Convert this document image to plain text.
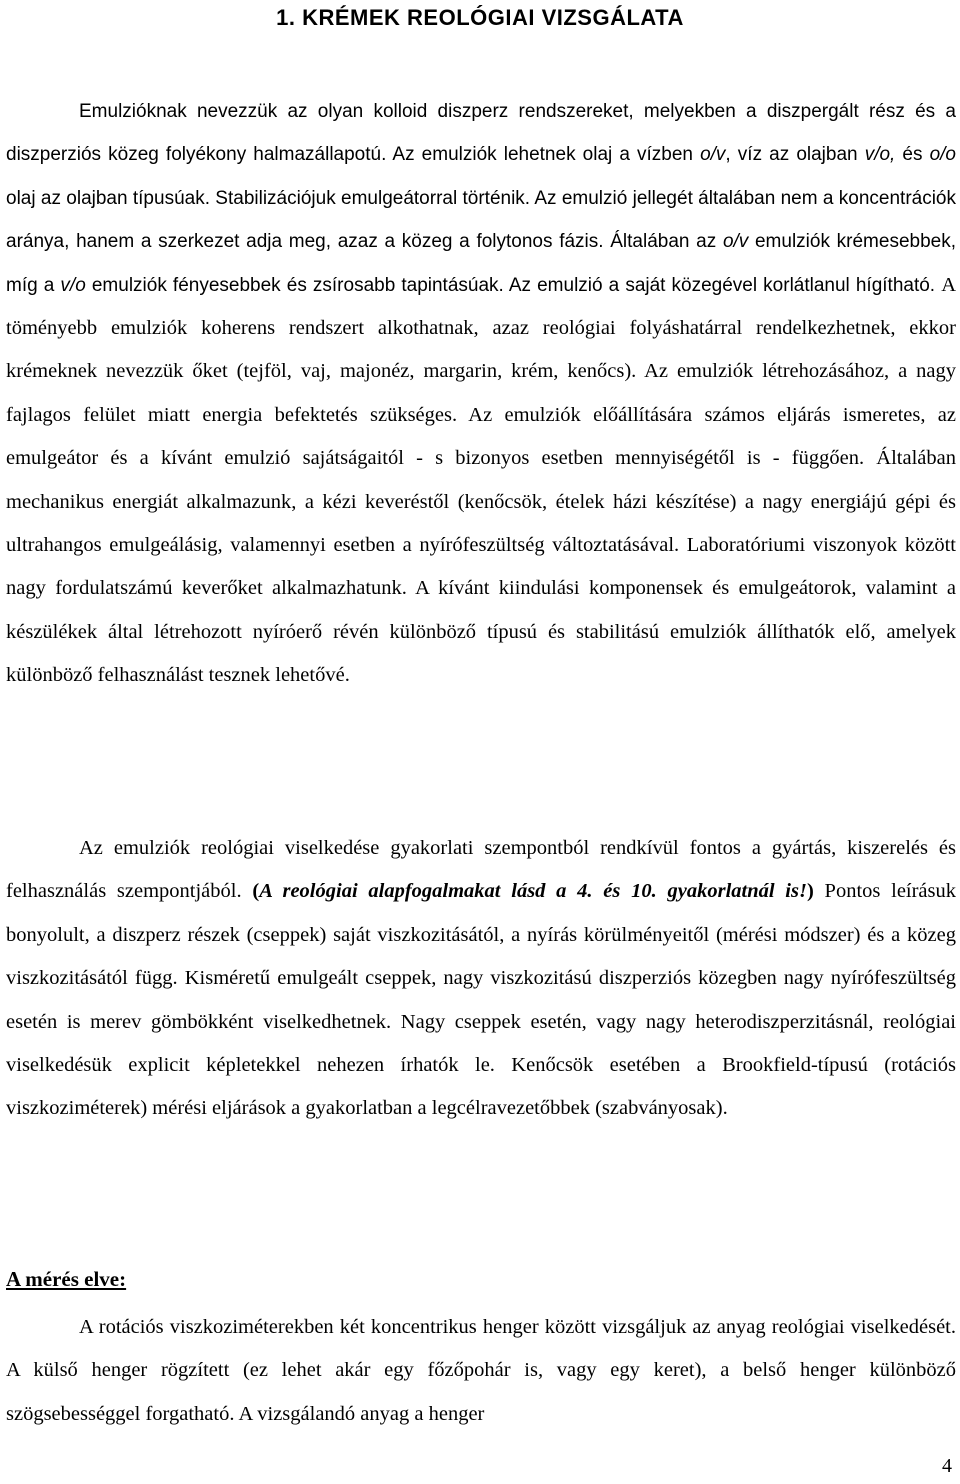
1. KRÉMEK REOLÓGIAI VIZSGÁLATA

Emulzióknak nevezzük az olyan kolloid diszperz rendszereket, melyekben a diszpergált rész és a diszperziós közeg folyékony halmazállapotú. Az emulziók lehetnek olaj a vízben o/v, víz az olajban v/o, és o/o olaj az olajban típusúak. Stabilizációjuk emulgeátorral történik. Az emulzió jellegét általában nem a koncentrációk aránya, hanem a szerkezet adja meg, azaz a közeg a folytonos fázis. Általában az o/v emulziók krémesebbek, míg a v/o emulziók fényesebbek és zsírosabb tapintásúak. Az emulzió a saját közegével korlátlanul hígítható. A töményebb emulziók koherens rendszert alkothatnak, azaz reológiai folyáshatárral rendelkezhetnek, ekkor krémeknek nevezzük őket (tejföl, vaj, majonéz, margarin, krém, kenőcs). Az emulziók létrehozásához, a nagy fajlagos felület miatt energia befektetés szükséges. Az emulziók előállítására számos eljárás ismeretes, az emulgeátor és a kívánt emulzió sajátságaitól - s bizonyos esetben mennyiségétől is - függően. Általában mechanikus energiát alkalmazunk, a kézi keveréstől (kenőcsök, ételek házi készítése) a nagy energiájú gépi és ultrahangos emulgeálásig, valamennyi esetben a nyírófeszültség változtatásával. Laboratóriumi viszonyok között nagy fordulatszámú keverőket alkalmazhatunk. A kívánt kiindulási komponensek és emulgeátorok, valamint a készülékek által létrehozott nyíróerő révén különböző típusú és stabilitású emulziók állíthatók elő, amelyek különböző felhasználást tesznek lehetővé.

Az emulziók reológiai viselkedése gyakorlati szempontból rendkívül fontos a gyártás, kiszerelés és felhasználás szempontjából. (A reológiai alapfogalmakat lásd a 4. és 10. gyakorlatnál is!) Pontos leírásuk bonyolult, a diszperz részek (cseppek) saját viszkozitásától, a nyírás körülményeitől (mérési módszer) és a közeg viszkozitásától függ. Kisméretű emulgeált cseppek, nagy viszkozitású diszperziós közegben nagy nyírófeszültség esetén is merev gömbökként viselkedhetnek. Nagy cseppek esetén, vagy nagy heterodiszperzitásnál, reológiai viselkedésük explicit képletekkel nehezen írhatók le. Kenőcsök esetében a Brookfield-típusú (rotációs viszkoziméterek) mérési eljárások a gyakorlatban a legcélravezetőbbek (szabványosak).

A mérés elve:

A rotációs viszkoziméterekben két koncentrikus henger között vizsgáljuk az anyag reológiai viselkedését. A külső henger rögzített (ez lehet akár egy főzőpohár is, vagy egy keret), a belső henger különböző szögsebességgel forgatható. A vizsgálandó anyag a henger

4
